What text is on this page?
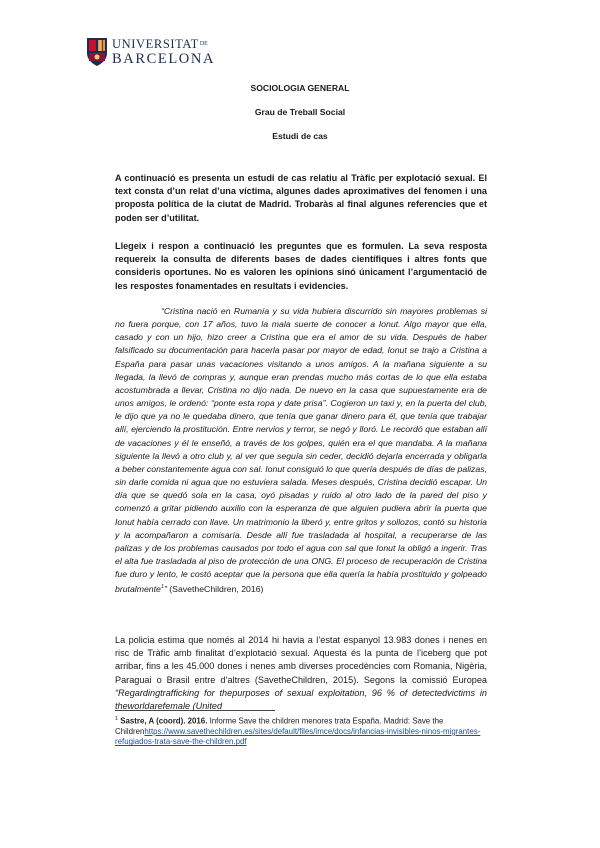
$UNIVERSITAT^{DE}$
BARCELONA
SOCIOLOGIA GENERAL
Grau de Treball Social
Estudi de cas
A continuació es presenta un estudi de cas relatiu al Tràfic per explotació sexual. El text consta d’un relat d’una víctima, algunes dades aproximatives del fenomen i una proposta política de la ciutat de Madrid. Trobaràs al final algunes referencies que et poden ser d’utilitat.
Llegeix i respon a continuació les preguntes que es formulen. La seva resposta requereix la consulta de diferents bases de dades científiques i altres fonts que consideris oportunes. No es valoren les opinions sinó únicament l’argumentació de les respostes fonamentades en resultats i evidencies.
“Cristina nació en Rumanía y su vida hubiera discurrido sin mayores problemas si no fuera porque, con 17 años, tuvo la mala suerte de conocer a Ionut. Algo mayor que ella, casado y con un hijo, hizo creer a Cristina que era el amor de su vida. Después de haber falsificado su documentación para hacerla pasar por mayor de edad, Ionut se trajo a Cristina a España para pasar unas vacaciones visitando a unos amigos. A la mañana siguiente a su llegada, la llevó de compras y, aunque eran prendas mucho más cortas de lo que ella estaba acostumbrada a llevar, Cristina no dijo nada. De nuevo en la casa que supuestamente era de unos amigos, le ordenó: “ponte esta ropa y date prisa”. Cogieron un taxi y, en la puerta del club, le dijo que ya no le quedaba dinero, que tenía que ganar dinero para él, que tenía que trabajar allí, ejerciendo la prostitución. Entre nervios y terror, se negó y lloró. Le recordó que estaban allí de vacaciones y él le enseñó, a través de los golpes, quién era el que mandaba. A la mañana siguiente la llevó a otro club y, al ver que seguía sin ceder, decidió dejarla encerrada y obligarla a beber constantemente agua con sal. Ionut consiguió lo que quería después de días de palizas, sin darle comida ni agua que no estuviera salada. Meses después, Cristina decidió escapar. Un día que se quedó sola en la casa, oyó pisadas y ruido al otro lado de la pared del piso y comenzó a gritar pidiendo auxilio con la esperanza de que alguien pudiera abrir la puerta que Ionut había cerrado con llave. Un matrimonio la liberó y, entre gritos y sollozos, contó su historia y la acompañaron a comisaría. Desde allí fue trasladada al hospital, a recuperarse de las palizas y de los problemas causados por todo el agua con sal que Ionut la obligó a ingerir. Tras el alta fue trasladada al piso de protección de una ONG. El proceso de recuperación de Cristina fue duro y lento, le costó aceptar que la persona que ella quería la había prostituido y golpeado brutalmente$^1$” (SavetheChildren, 2016)
La policia estima que només al 2014 hi havia a l’estat espanyol 13.983 dones i nenes en risc de Tràfic amb finalitat d’explotació sexual. Aquesta és la punta de l’iceberg que pot arribar, fins a les 45.000 dones i nenes amb diverses procedències com Romania, Nigèria, Paraguai o Brasil entre d’altres (SavetheChildren, 2015). Segons la comissió Europea “Regardingtrafficking for thepurposes of sexual exploitation, 96 % of detectedvictims in theworldarefemale (United
$^1$ Sastre, A (coord). 2016. Informe Save the children menores trata España. Madrid: Save the Childrenhttps://www.savethechildren.es/sites/default/files/imce/docs/infancias-invisibles-ninos-migrantes-refugiados-trata-save-the-children.pdf
